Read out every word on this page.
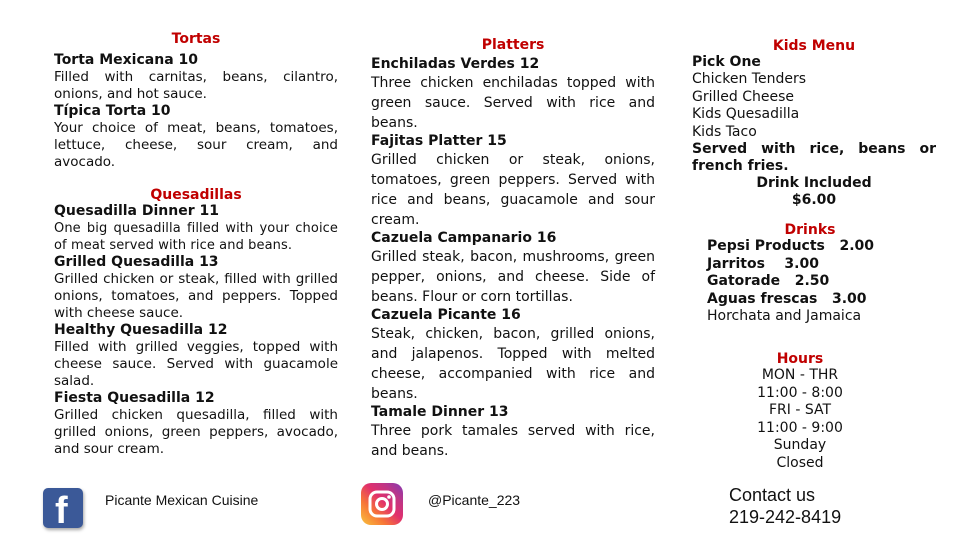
Tortas
Torta Mexicana 10
Filled with carnitas, beans, cilantro, onions, and hot sauce.
Típica Torta 10
Your choice of meat, beans, tomatoes, lettuce, cheese, sour cream, and avocado.
Quesadillas
Quesadilla Dinner 11
One big quesadilla filled with your choice of meat served with rice and beans.
Grilled Quesadilla 13
Grilled chicken or steak, filled with grilled onions, tomatoes, and peppers. Topped with cheese sauce.
Healthy Quesadilla 12
Filled with grilled veggies, topped with cheese sauce. Served with guacamole salad.
Fiesta Quesadilla 12
Grilled chicken quesadilla, filled with grilled onions, green peppers, avocado, and sour cream.
Platters
Enchiladas Verdes 12
Three chicken enchiladas topped with green sauce. Served with rice and beans.
Fajitas Platter 15
Grilled chicken or steak, onions, tomatoes, green peppers. Served with rice and beans, guacamole and sour cream.
Cazuela Campanario 16
Grilled steak, bacon, mushrooms, green pepper, onions, and cheese. Side of beans. Flour or corn tortillas.
Cazuela Picante 16
Steak, chicken, bacon, grilled onions, and jalapenos. Topped with melted cheese, accompanied with rice and beans.
Tamale Dinner 13
Three pork tamales served with rice, and beans.
Kids Menu
Pick One
Chicken Tenders
Grilled Cheese
Kids Quesadilla
Kids Taco
Served with rice, beans or french fries.
Drink Included
$6.00
Drinks
Pepsi Products   2.00
Jarritos    3.00
Gatorade   2.50
Aguas frescas   3.00
Horchata and Jamaica
Hours
MON - THR
11:00 - 8:00
FRI - SAT
11:00 - 9:00
Sunday
Closed
f	Picante Mexican Cuisine	@Picante_223	Contact us
219-242-8419
